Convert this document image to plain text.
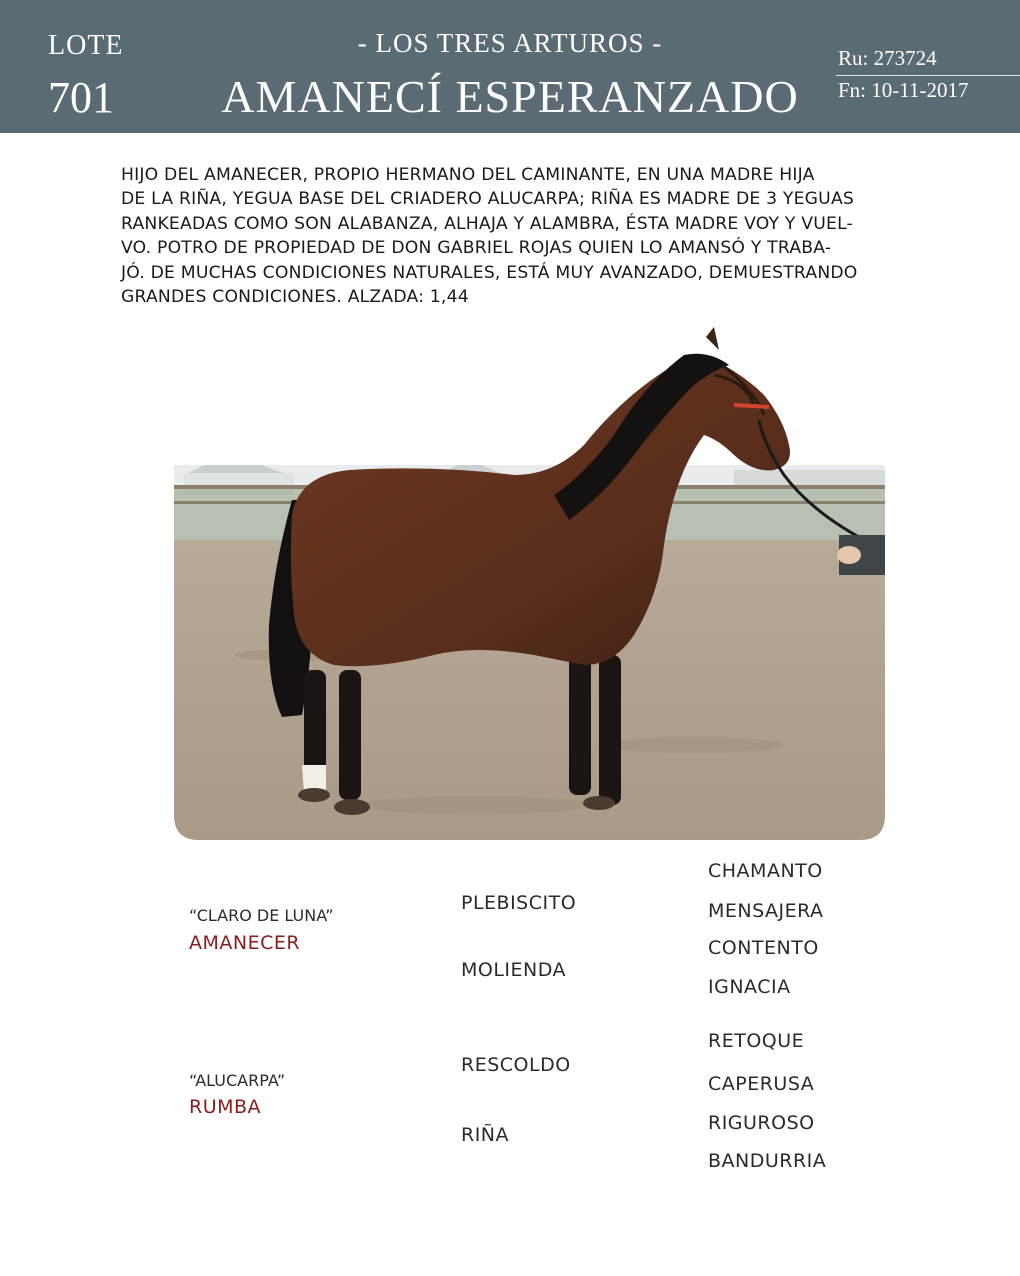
LOTE
701
- LOS TRES ARTUROS -
AMANECÍ ESPERANZADO
Ru: 273724
Fn: 10-11-2017
HIJO DEL AMANECER, PROPIO HERMANO DEL CAMINANTE, EN UNA MADRE HIJA
DE LA RIÑA, YEGUA BASE DEL CRIADERO ALUCARPA; RIÑA ES MADRE DE 3 YEGUAS
RANKEADAS COMO SON ALABANZA, ALHAJA Y ALAMBRA, ÉSTA MADRE VOY Y VUEL-
VO. POTRO DE PROPIEDAD DE DON GABRIEL ROJAS QUIEN LO AMANSÓ Y TRABA-
JÓ. DE MUCHAS CONDICIONES NATURALES, ESTÁ MUY AVANZADO, DEMUESTRANDO
GRANDES CONDICIONES. ALZADA: 1,44
“CLARO DE LUNA”
AMANECER
“ALUCARPA”
RUMBA
PLEBISCITO
MOLIENDA
RESCOLDO
RIÑA
CHAMANTO
MENSAJERA
CONTENTO
IGNACIA
RETOQUE
CAPERUSA
RIGUROSO
BANDURRIA
